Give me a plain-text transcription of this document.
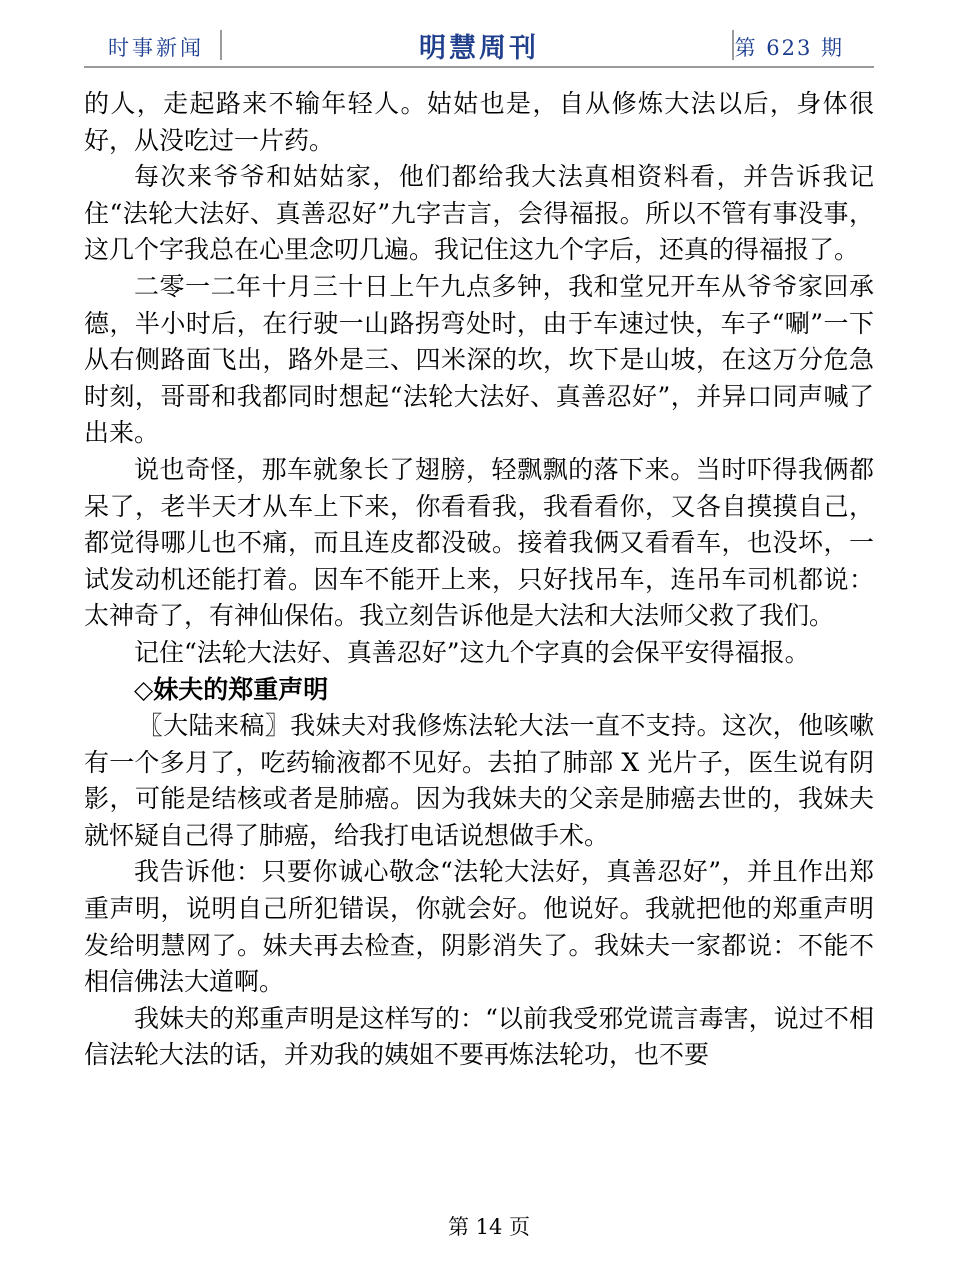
时事新闻	明慧周刊	第 623 期

的人，走起路来不输年轻人。姑姑也是，自从修炼大法以后，身体很好，从没吃过一片药。

每次来爷爷和姑姑家，他们都给我大法真相资料看，并告诉我记住“法轮大法好、真善忍好”九字吉言，会得福报。所以不管有事没事，这几个字我总在心里念叨几遍。我记住这九个字后，还真的得福报了。

二零一二年十月三十日上午九点多钟，我和堂兄开车从爷爷家回承德，半小时后，在行驶一山路拐弯处时，由于车速过快，车子“唰”一下从右侧路面飞出，路外是三、四米深的坎，坎下是山坡，在这万分危急时刻，哥哥和我都同时想起“法轮大法好、真善忍好”，并异口同声喊了出来。

说也奇怪，那车就象长了翅膀，轻飘飘的落下来。当时吓得我俩都呆了，老半天才从车上下来，你看看我，我看看你，又各自摸摸自己，都觉得哪儿也不痛，而且连皮都没破。接着我俩又看看车，也没坏，一试发动机还能打着。因车不能开上来，只好找吊车，连吊车司机都说：太神奇了，有神仙保佑。我立刻告诉他是大法和大法师父救了我们。

记住“法轮大法好、真善忍好”这九个字真的会保平安得福报。

◇妹夫的郑重声明

〖大陆来稿〗我妹夫对我修炼法轮大法一直不支持。这次，他咳嗽有一个多月了，吃药输液都不见好。去拍了肺部 X 光片子，医生说有阴影，可能是结核或者是肺癌。因为我妹夫的父亲是肺癌去世的，我妹夫就怀疑自己得了肺癌，给我打电话说想做手术。

我告诉他：只要你诚心敬念“法轮大法好，真善忍好”，并且作出郑重声明，说明自己所犯错误，你就会好。他说好。我就把他的郑重声明发给明慧网了。妹夫再去检查，阴影消失了。我妹夫一家都说：不能不相信佛法大道啊。

我妹夫的郑重声明是这样写的：“以前我受邪党谎言毒害，说过不相信法轮大法的话，并劝我的姨姐不要再炼法轮功，也不要

第 14 页
